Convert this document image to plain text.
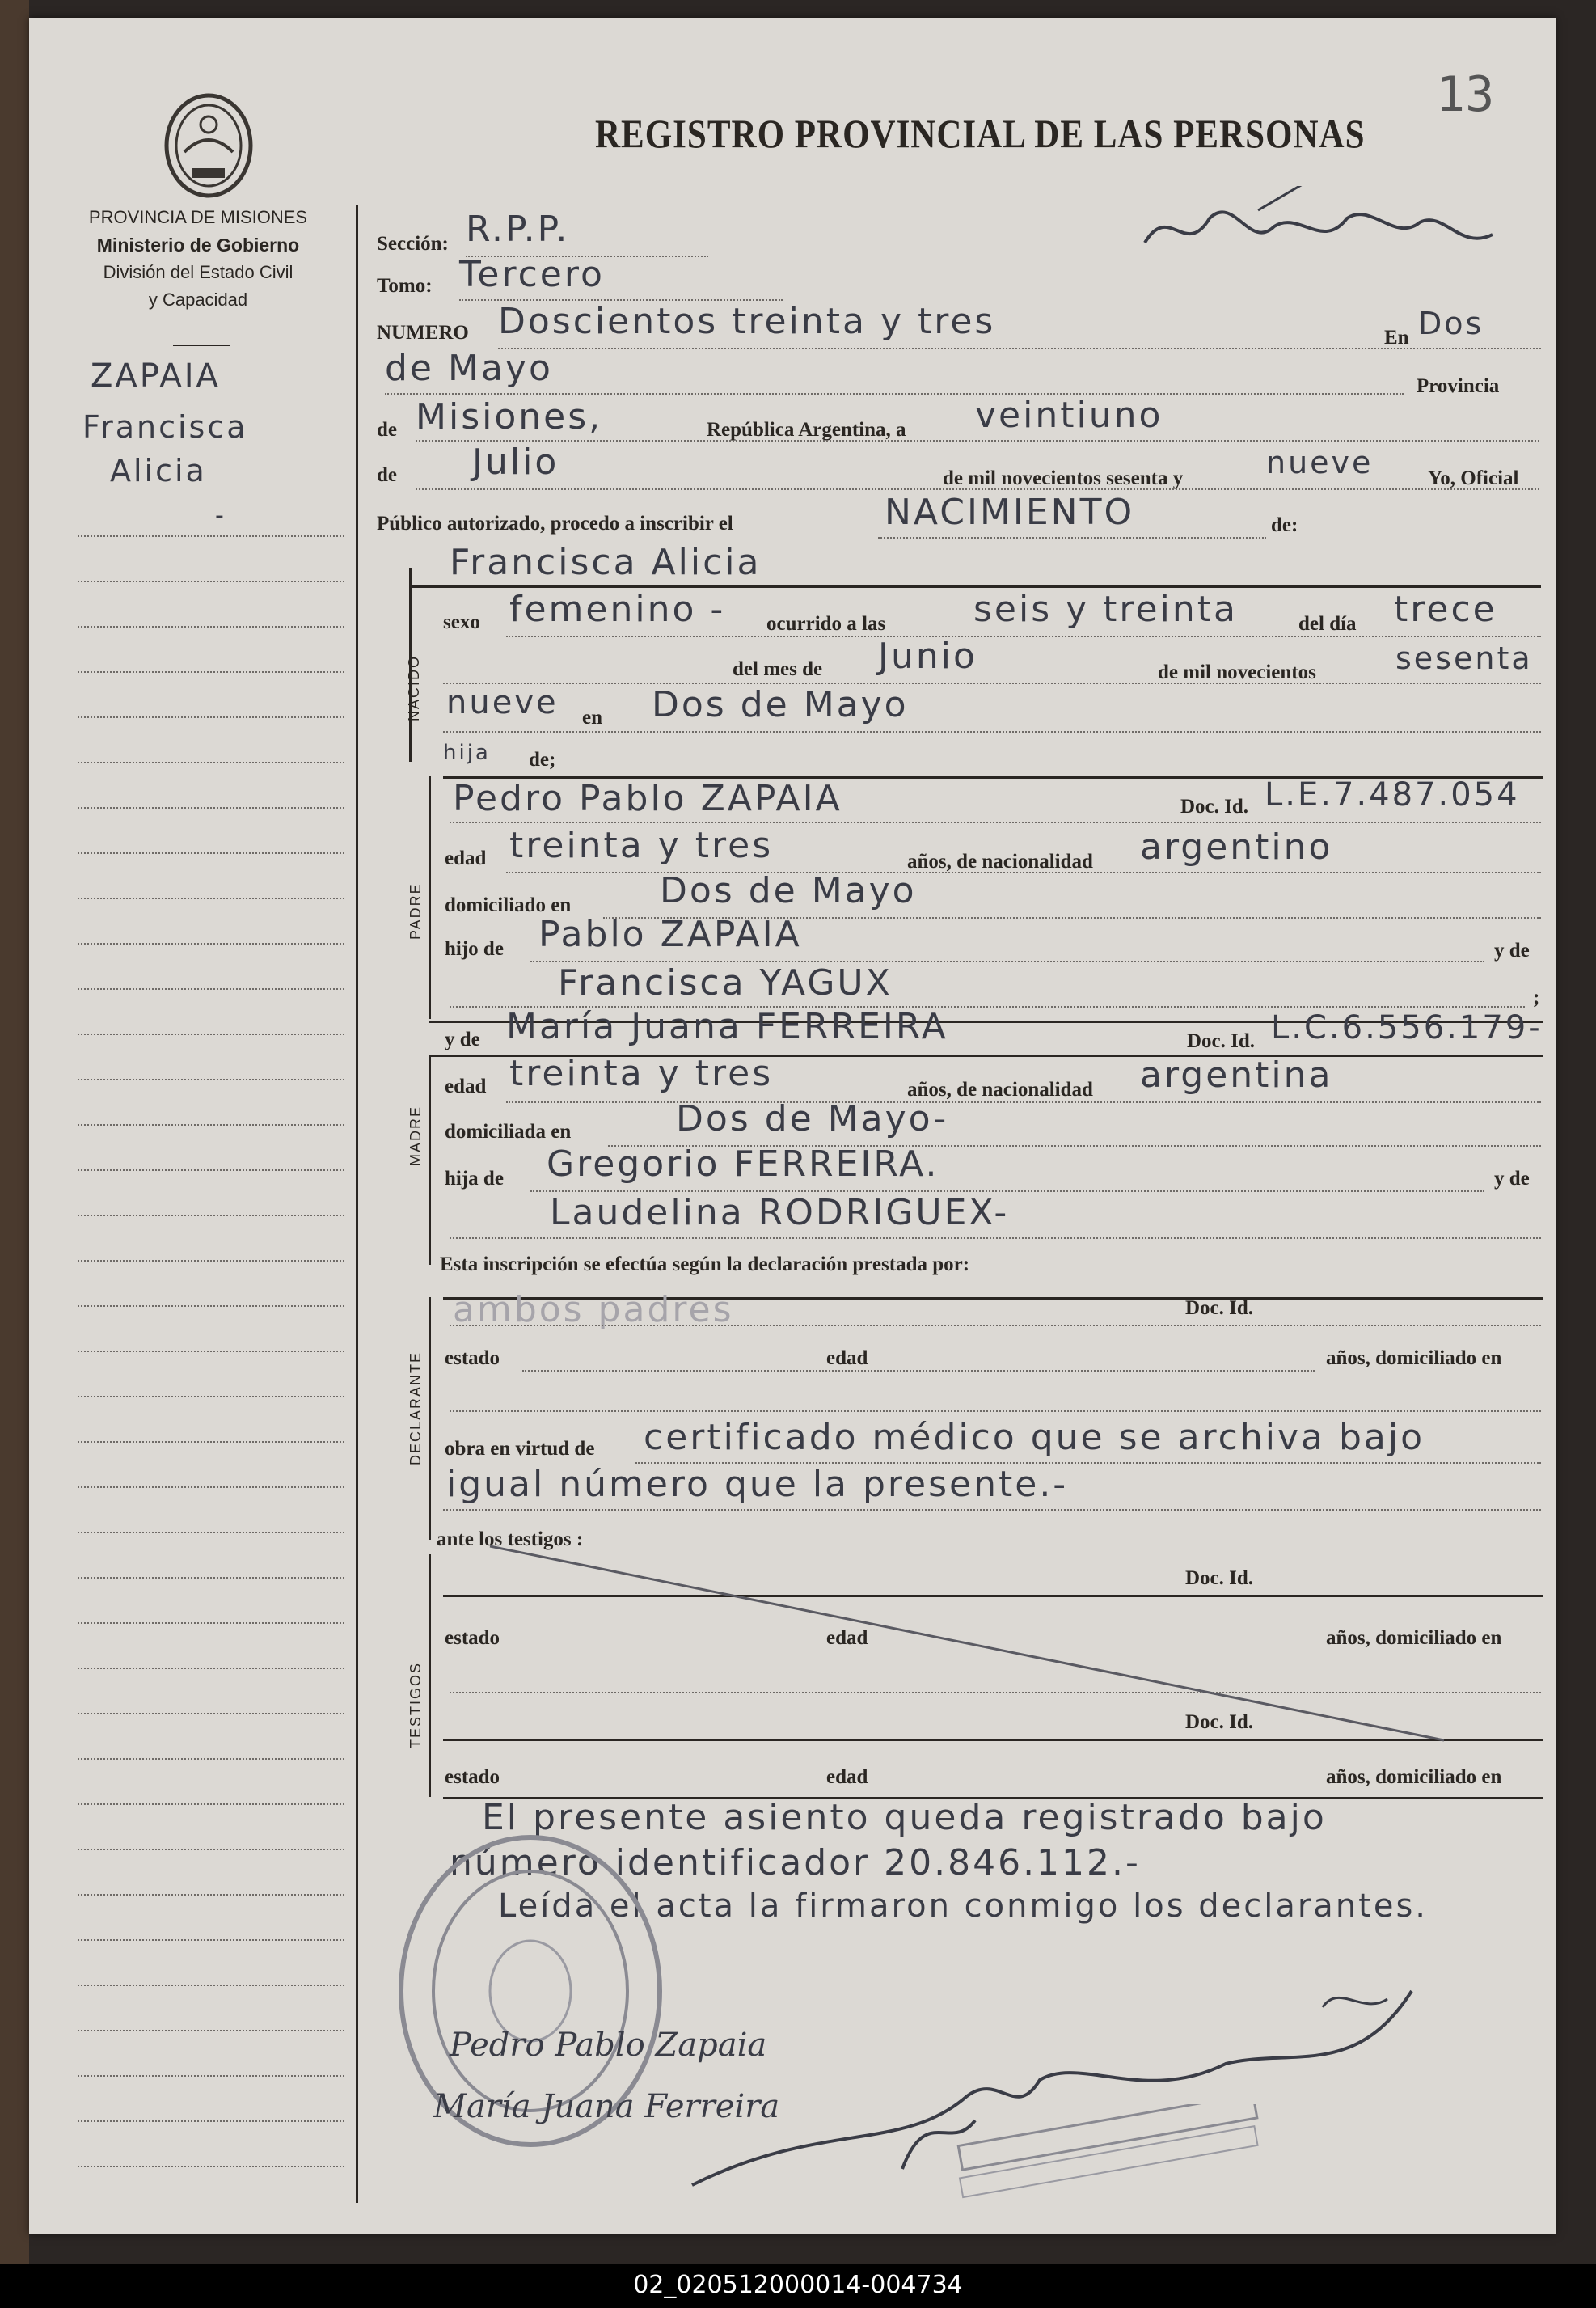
13
REGISTRO PROVINCIAL DE LAS PERSONAS
PROVINCIA DE MISIONES
Ministerio de Gobierno
División del Estado Civil
y Capacidad
ZAPAIA
Francisca
Alicia
-
Sección: R.P.P.
Tomo: Tercero
NUMERO Doscientos treinta y tres	En Dos
de Mayo	Provincia
de Misiones,	República Argentina, a veintiuno
de Julio	de mil novecientos sesenta y	nueve	Yo, Oficial
Público autorizado, procedo a inscribir el	NACIMIENTO	de:
NACIDO
Francisca Alicia
sexo femenino - ocurrido a las seis y treinta	del día trece
del mes de Junio	de mil novecientos	sesenta
nueve en Dos de Mayo
hija de;
PADRE
Pedro Pablo ZAPAIA	Doc. Id. L.E.7.487.054
edad treinta y tres	años, de nacionalidad argentino
domiciliado en Dos de Mayo
hijo de Pablo ZAPAIA	y de
Francisca YAGUX	;
y de María Juana FERREIRA	Doc. Id. L.C.6.556.179-
MADRE
edad treinta y tres	años, de nacionalidad argentina
domiciliada en	Dos de Mayo-
hija de Gregorio FERREIRA.	y de
Laudelina RODRIGUEX-
Esta inscripción se efectúa según la declaración prestada por:
DECLARANTE
ambos padres	Doc. Id.
estado	edad	años, domiciliado en
obra en virtud de certificado médico que se archiva bajo
igual número que la presente.-
ante los testigos :
TESTIGOS
Doc. Id.
estado	edad	años, domiciliado en
Doc. Id.
estado	edad	años, domiciliado en
El presente asiento queda registrado bajo
número identificador 20.846.112.-
Leída el acta la firmaron conmigo los declarantes.
Pedro Pablo Zapaia
María Juana Ferreira
02_020512000014-004734
